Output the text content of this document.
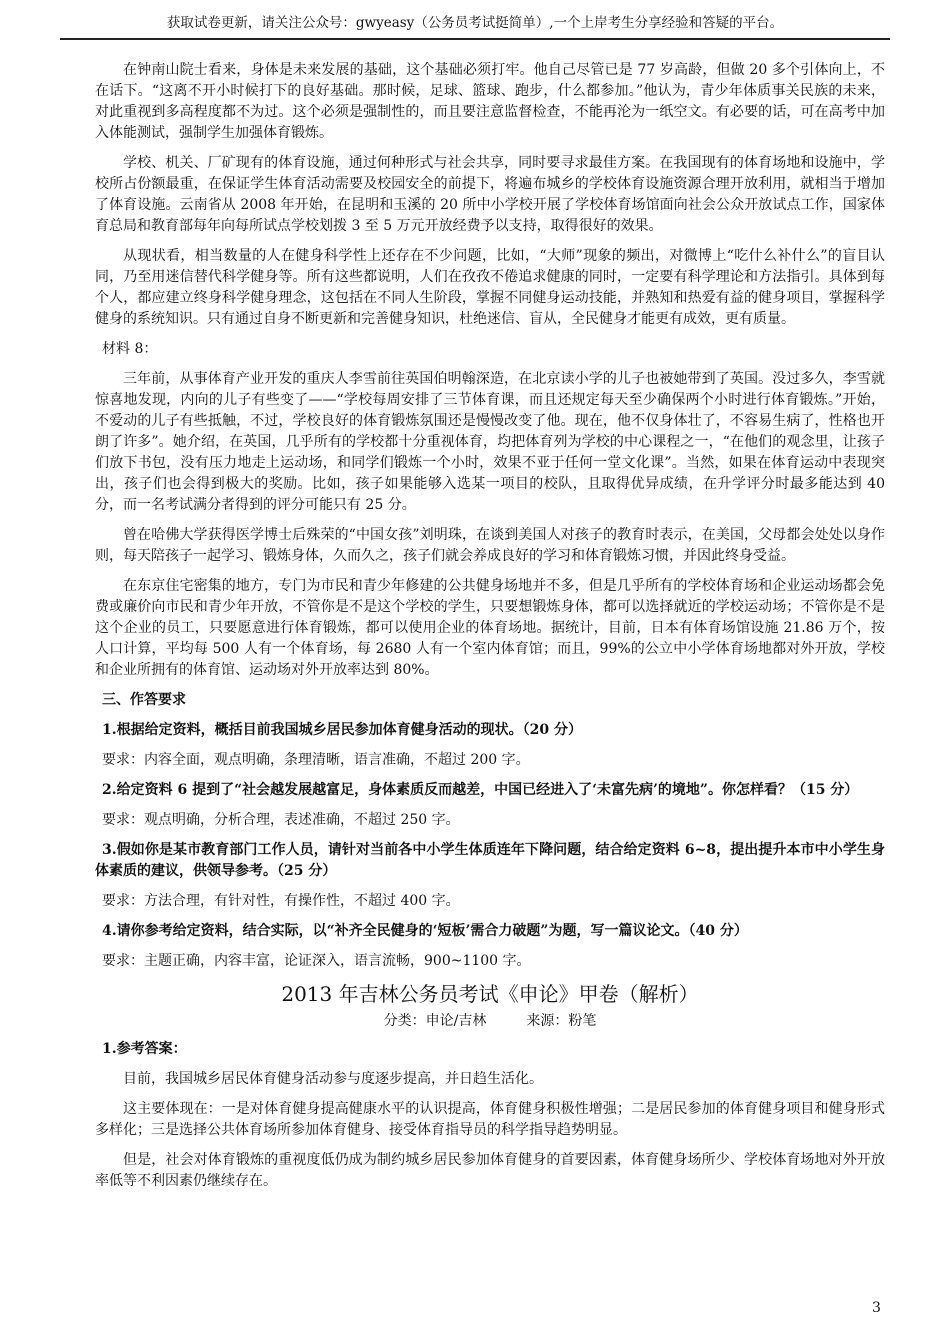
获取试卷更新，请关注公众号：gwyeasy（公务员考试挺简单）,一个上岸考生分享经验和答疑的平台。

在钟南山院士看来，身体是未来发展的基础，这个基础必须打牢。他自己尽管已是 77 岁高龄，但做 20 多个引体向上，不在话下。“这离不开小时候打下的良好基础。那时候，足球、篮球、跑步，什么都参加。”他认为，青少年体质事关民族的未来，对此重视到多高程度都不为过。这个必须是强制性的，而且要注意监督检查，不能再沦为一纸空文。有必要的话，可在高考中加入体能测试，强制学生加强体育锻炼。

学校、机关、厂矿现有的体育设施，通过何种形式与社会共享，同时要寻求最佳方案。在我国现有的体育场地和设施中，学校所占份额最重，在保证学生体育活动需要及校园安全的前提下，将遍布城乡的学校体育设施资源合理开放利用，就相当于增加了体育设施。云南省从 2008 年开始，在昆明和玉溪的 20 所中小学校开展了学校体育场馆面向社会公众开放试点工作，国家体育总局和教育部每年向每所试点学校划拨 3 至 5 万元开放经费予以支持，取得很好的效果。

从现状看，相当数量的人在健身科学性上还存在不少问题，比如，“大师”现象的频出，对微博上“吃什么补什么”的盲目认同，乃至用迷信替代科学健身等。所有这些都说明，人们在孜孜不倦追求健康的同时，一定要有科学理论和方法指引。具体到每个人，都应建立终身科学健身理念，这包括在不同人生阶段，掌握不同健身运动技能，并熟知和热爱有益的健身项目，掌握科学健身的系统知识。只有通过自身不断更新和完善健身知识，杜绝迷信、盲从，全民健身才能更有成效，更有质量。

材料 8：

三年前，从事体育产业开发的重庆人李雪前往英国伯明翰深造，在北京读小学的儿子也被她带到了英国。没过多久，李雪就惊喜地发现，内向的儿子有些变了——“学校每周安排了三节体育课，而且还规定每天至少确保两个小时进行体育锻炼。”开始，不爱动的儿子有些抵触，不过，学校良好的体育锻炼氛围还是慢慢改变了他。现在，他不仅身体壮了，不容易生病了，性格也开朗了许多”。她介绍，在英国，几乎所有的学校都十分重视体育，均把体育列为学校的中心课程之一，“在他们的观念里，让孩子们放下书包，没有压力地走上运动场，和同学们锻炼一个小时，效果不亚于任何一堂文化课”。当然，如果在体育运动中表现突出，孩子们也会得到极大的奖励。比如，孩子如果能够入选某一项目的校队，且取得优异成绩，在升学评分时最多能达到 40 分，而一名考试满分者得到的评分可能只有 25 分。

曾在哈佛大学获得医学博士后殊荣的“中国女孩”刘明珠，在谈到美国人对孩子的教育时表示，在美国，父母都会处处以身作则，每天陪孩子一起学习、锻炼身体，久而久之，孩子们就会养成良好的学习和体育锻炼习惯，并因此终身受益。

在东京住宅密集的地方，专门为市民和青少年修建的公共健身场地并不多，但是几乎所有的学校体育场和企业运动场都会免费或廉价向市民和青少年开放，不管你是不是这个学校的学生，只要想锻炼身体，都可以选择就近的学校运动场；不管你是不是这个企业的员工，只要愿意进行体育锻炼，都可以使用企业的体育场地。据统计，目前，日本有体育场馆设施 21.86 万个，按人口计算，平均每 500 人有一个体育场，每 2680 人有一个室内体育馆；而且，99%的公立中小学体育场地都对外开放，学校和企业所拥有的体育馆、运动场对外开放率达到 80%。

三、作答要求

1.根据给定资料，概括目前我国城乡居民参加体育健身活动的现状。（20 分）

要求：内容全面，观点明确，条理清晰，语言准确，不超过 200 字。

2.给定资料 6 提到了“社会越发展越富足，身体素质反而越差，中国已经进入了‘未富先病’的境地”。你怎样看？（15 分）

要求：观点明确，分析合理，表述准确，不超过 250 字。

3.假如你是某市教育部门工作人员，请针对当前各中小学生体质连年下降问题，结合给定资料 6~8，提出提升本市中小学生身体素质的建议，供领导参考。（25 分）

要求：方法合理，有针对性，有操作性，不超过 400 字。

4.请你参考给定资料，结合实际，以“补齐全民健身的‘短板’需合力破题”为题，写一篇议论文。（40 分）

要求：主题正确，内容丰富，论证深入，语言流畅，900~1100 字。

2013 年吉林公务员考试《申论》甲卷（解析）
分类：申论/吉林	来源：粉笔

1.参考答案：

目前，我国城乡居民体育健身活动参与度逐步提高，并日趋生活化。

这主要体现在：一是对体育健身提高健康水平的认识提高，体育健身积极性增强；二是居民参加的体育健身项目和健身形式多样化；三是选择公共体育场所参加体育健身、接受体育指导员的科学指导趋势明显。

但是，社会对体育锻炼的重视度低仍成为制约城乡居民参加体育健身的首要因素，体育健身场所少、学校体育场地对外开放率低等不利因素仍继续存在。

3
